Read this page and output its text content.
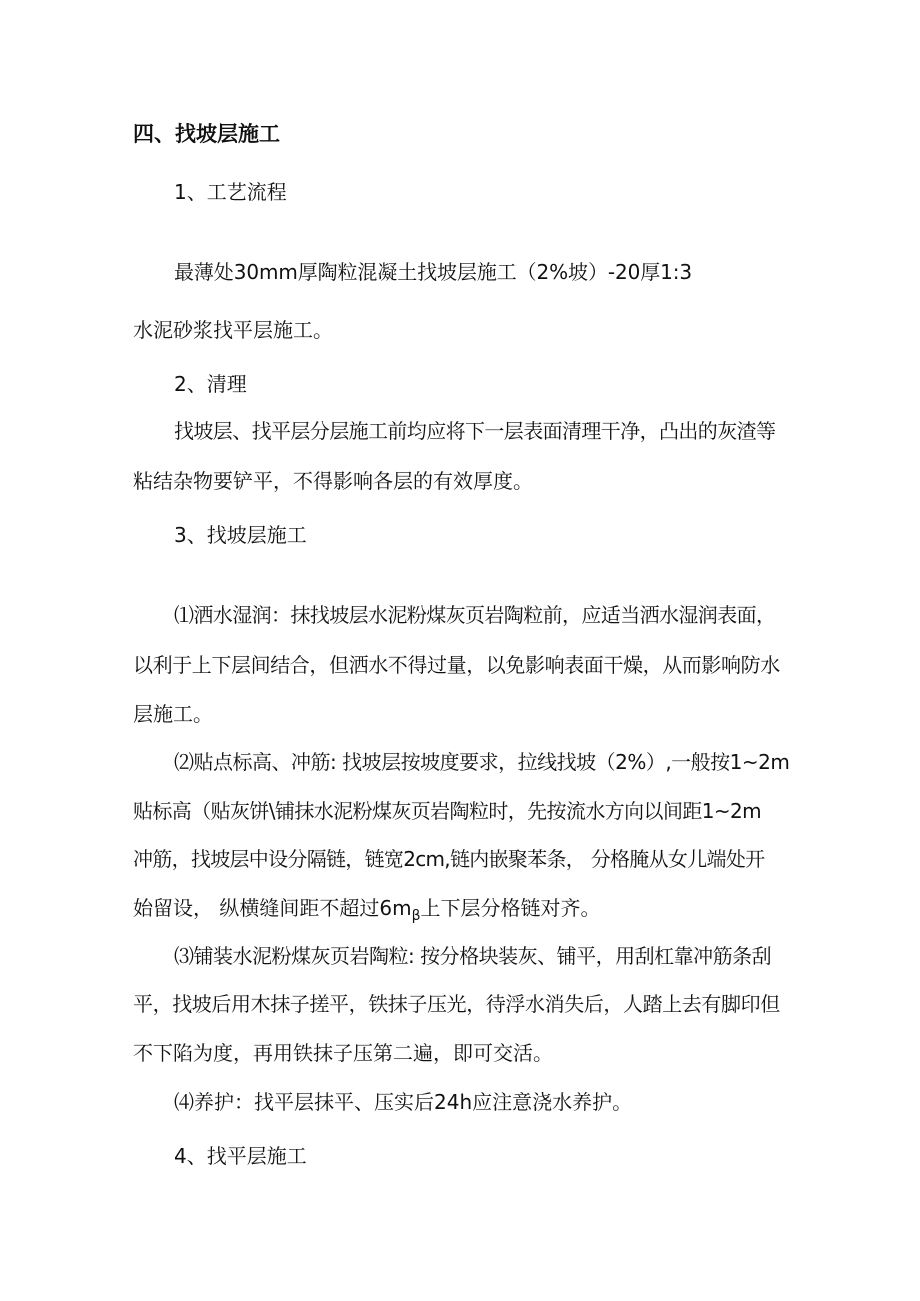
四、找坡层施工
1、工艺流程
最薄处30mm厚陶粒混凝土找坡层施工（2%坡）-20厚1:3
水泥砂浆找平层施工。
2、清理
找坡层、找平层分层施工前均应将下一层表面清理干净，凸出的灰渣等
粘结杂物要铲平，不得影响各层的有效厚度。
3、找坡层施工
⑴洒水湿润：抹找坡层水泥粉煤灰页岩陶粒前，应适当洒水湿润表面，
以利于上下层间结合，但洒水不得过量，以免影响表面干燥，从而影响防水
层施工。
⑵贴点标高、冲筋: 找坡层按坡度要求，拉线找坡（2%）,一般按1~2m
贴标高（贴灰饼\铺抹水泥粉煤灰页岩陶粒时，先按流水方向以间距1~2m
冲筋，找坡层中设分隔链，链宽2cm,链内嵌聚苯条， 分格腌从女儿端处开
始留设， 纵横缝间距不超过$6m_\beta$上下层分格链对齐。
⑶铺装水泥粉煤灰页岩陶粒: 按分格块装灰、铺平，用刮杠靠冲筋条刮
平，找坡后用木抹子搓平，铁抹子压光，待浮水消失后，人踏上去有脚印但
不下陷为度，再用铁抹子压第二遍，即可交活。
⑷养护：找平层抹平、压实后24h应注意浇水养护。
4、找平层施工
